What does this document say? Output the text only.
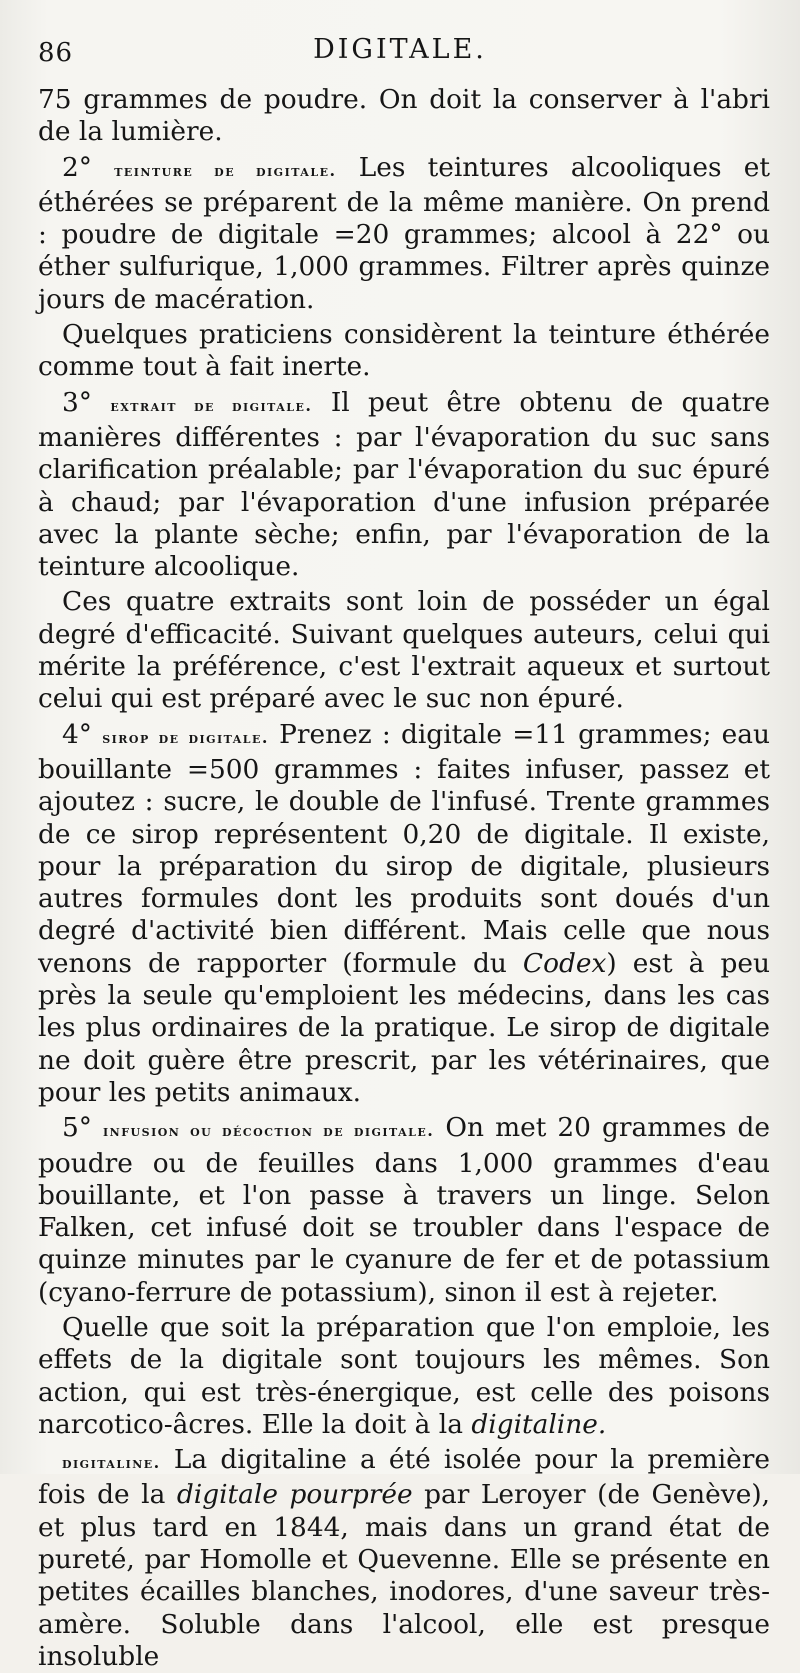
86	DIGITALE.

75 grammes de poudre. On doit la conserver à l'abri de la lumière.

2° teinture de digitale. Les teintures alcooliques et éthérées se préparent de la même manière. On prend : poudre de digitale =20 grammes; alcool à 22° ou éther sulfurique, 1,000 grammes. Filtrer après quinze jours de macération.

Quelques praticiens considèrent la teinture éthérée comme tout à fait inerte.

3° extrait de digitale. Il peut être obtenu de quatre manières différentes : par l'évaporation du suc sans clarification préalable; par l'évaporation du suc épuré à chaud; par l'évaporation d'une infusion préparée avec la plante sèche; enfin, par l'évaporation de la teinture alcoolique.

Ces quatre extraits sont loin de posséder un égal degré d'efficacité. Suivant quelques auteurs, celui qui mérite la préférence, c'est l'extrait aqueux et surtout celui qui est préparé avec le suc non épuré.

4° sirop de digitale. Prenez : digitale =11 grammes; eau bouillante =500 grammes : faites infuser, passez et ajoutez : sucre, le double de l'infusé. Trente grammes de ce sirop représentent 0,20 de digitale. Il existe, pour la préparation du sirop de digitale, plusieurs autres formules dont les produits sont doués d'un degré d'activité bien différent. Mais celle que nous venons de rapporter (formule du Codex) est à peu près la seule qu'emploient les médecins, dans les cas les plus ordinaires de la pratique. Le sirop de digitale ne doit guère être prescrit, par les vétérinaires, que pour les petits animaux.

5° infusion ou décoction de digitale. On met 20 grammes de poudre ou de feuilles dans 1,000 grammes d'eau bouillante, et l'on passe à travers un linge. Selon Falken, cet infusé doit se troubler dans l'espace de quinze minutes par le cyanure de fer et de potassium (cyano-ferrure de potassium), sinon il est à rejeter.

Quelle que soit la préparation que l'on emploie, les effets de la digitale sont toujours les mêmes. Son action, qui est très-énergique, est celle des poisons narcotico-âcres. Elle la doit à la digitaline.

digitaline. La digitaline a été isolée pour la première fois de la digitale pourprée par Leroyer (de Genève), et plus tard en 1844, mais dans un grand état de pureté, par Homolle et Quevenne. Elle se présente en petites écailles blanches, inodores, d'une saveur très-amère. Soluble dans l'alcool, elle est presque insoluble
